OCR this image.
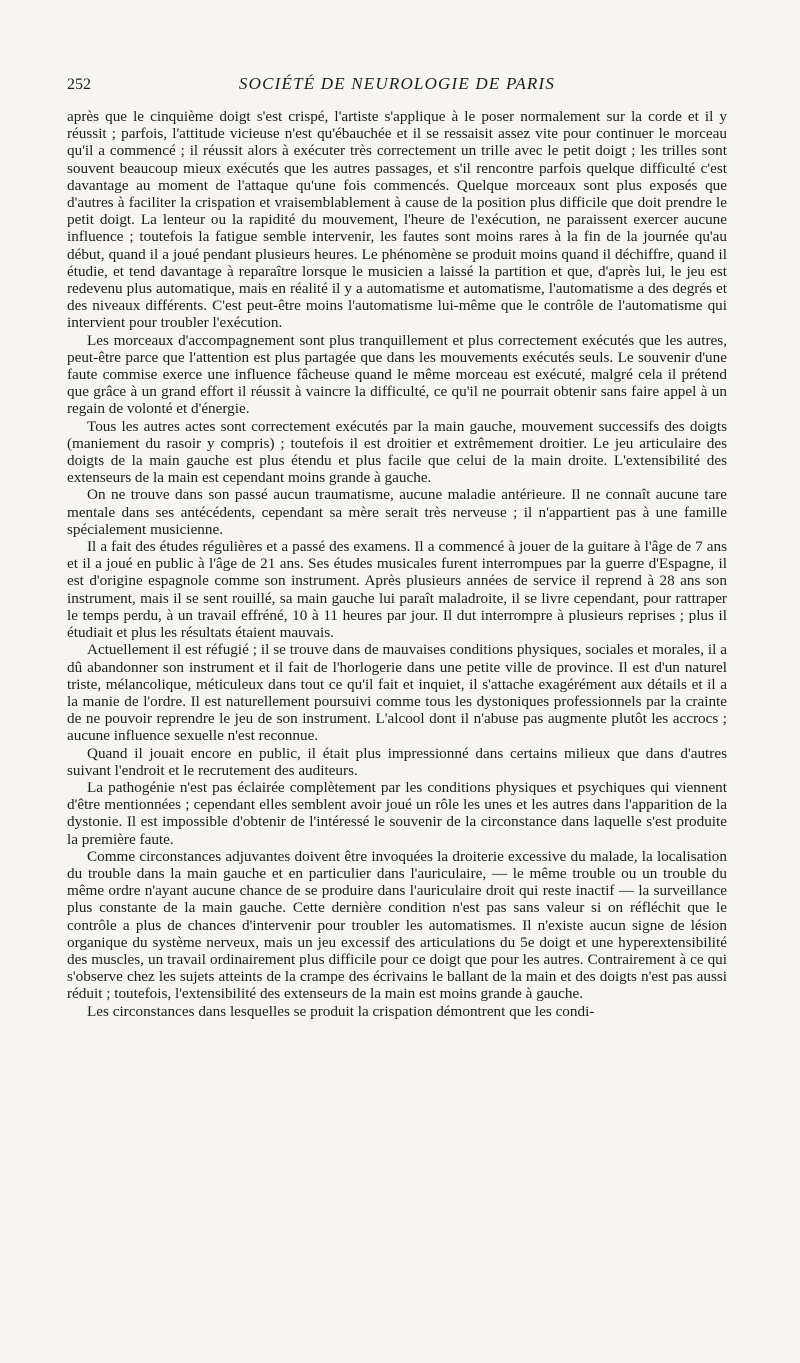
252	SOCIÉTÉ DE NEUROLOGIE DE PARIS

après que le cinquième doigt s'est crispé, l'artiste s'applique à le poser normalement sur la corde et il y réussit ; parfois, l'attitude vicieuse n'est qu'ébauchée et il se ressaisit assez vite pour continuer le morceau qu'il a commencé ; il réussit alors à exécuter très correctement un trille avec le petit doigt ; les trilles sont souvent beaucoup mieux exécutés que les autres passages, et s'il rencontre parfois quelque difficulté c'est davantage au moment de l'attaque qu'une fois commencés. Quelque morceaux sont plus exposés que d'autres à faciliter la crispation et vraisemblablement à cause de la position plus difficile que doit prendre le petit doigt. La lenteur ou la rapidité du mouvement, l'heure de l'exécution, ne paraissent exercer aucune influence ; toutefois la fatigue semble intervenir, les fautes sont moins rares à la fin de la journée qu'au début, quand il a joué pendant plusieurs heures. Le phénomène se produit moins quand il déchiffre, quand il étudie, et tend davantage à reparaître lorsque le musicien a laissé la partition et que, d'après lui, le jeu est redevenu plus automatique, mais en réalité il y a automatisme et automatisme, l'automatisme a des degrés et des niveaux différents. C'est peut-être moins l'automatisme lui-même que le contrôle de l'automatisme qui intervient pour troubler l'exécution.

Les morceaux d'accompagnement sont plus tranquillement et plus correctement exécutés que les autres, peut-être parce que l'attention est plus partagée que dans les mouvements exécutés seuls. Le souvenir d'une faute commise exerce une influence fâcheuse quand le même morceau est exécuté, malgré cela il prétend que grâce à un grand effort il réussit à vaincre la difficulté, ce qu'il ne pourrait obtenir sans faire appel à un regain de volonté et d'énergie.

Tous les autres actes sont correctement exécutés par la main gauche, mouvement successifs des doigts (maniement du rasoir y compris) ; toutefois il est droitier et extrêmement droitier. Le jeu articulaire des doigts de la main gauche est plus étendu et plus facile que celui de la main droite. L'extensibilité des extenseurs de la main est cependant moins grande à gauche.

On ne trouve dans son passé aucun traumatisme, aucune maladie antérieure. Il ne connaît aucune tare mentale dans ses antécédents, cependant sa mère serait très nerveuse ; il n'appartient pas à une famille spécialement musicienne.

Il a fait des études régulières et a passé des examens. Il a commencé à jouer de la guitare à l'âge de 7 ans et il a joué en public à l'âge de 21 ans. Ses études musicales furent interrompues par la guerre d'Espagne, il est d'origine espagnole comme son instrument. Après plusieurs années de service il reprend à 28 ans son instrument, mais il se sent rouillé, sa main gauche lui paraît maladroite, il se livre cependant, pour rattraper le temps perdu, à un travail effréné, 10 à 11 heures par jour. Il dut interrompre à plusieurs reprises ; plus il étudiait et plus les résultats étaient mauvais.

Actuellement il est réfugié ; il se trouve dans de mauvaises conditions physiques, sociales et morales, il a dû abandonner son instrument et il fait de l'horlogerie dans une petite ville de province. Il est d'un naturel triste, mélancolique, méticuleux dans tout ce qu'il fait et inquiet, il s'attache exagérément aux détails et il a la manie de l'ordre. Il est naturellement poursuivi comme tous les dystoniques professionnels par la crainte de ne pouvoir reprendre le jeu de son instrument. L'alcool dont il n'abuse pas augmente plutôt les accrocs ; aucune influence sexuelle n'est reconnue.

Quand il jouait encore en public, il était plus impressionné dans certains milieux que dans d'autres suivant l'endroit et le recrutement des auditeurs.

La pathogénie n'est pas éclairée complètement par les conditions physiques et psychiques qui viennent d'être mentionnées ; cependant elles semblent avoir joué un rôle les unes et les autres dans l'apparition de la dystonie. Il est impossible d'obtenir de l'intéressé le souvenir de la circonstance dans laquelle s'est produite la première faute.

Comme circonstances adjuvantes doivent être invoquées la droiterie excessive du malade, la localisation du trouble dans la main gauche et en particulier dans l'auriculaire, — le même trouble ou un trouble du même ordre n'ayant aucune chance de se produire dans l'auriculaire droit qui reste inactif — la surveillance plus constante de la main gauche. Cette dernière condition n'est pas sans valeur si on réfléchit que le contrôle a plus de chances d'intervenir pour troubler les automatismes. Il n'existe aucun signe de lésion organique du système nerveux, mais un jeu excessif des articulations du 5e doigt et une hyperextensibilité des muscles, un travail ordinairement plus difficile pour ce doigt que pour les autres. Contrairement à ce qui s'observe chez les sujets atteints de la crampe des écrivains le ballant de la main et des doigts n'est pas aussi réduit ; toutefois, l'extensibilité des extenseurs de la main est moins grande à gauche.

Les circonstances dans lesquelles se produit la crispation démontrent que les condi-
